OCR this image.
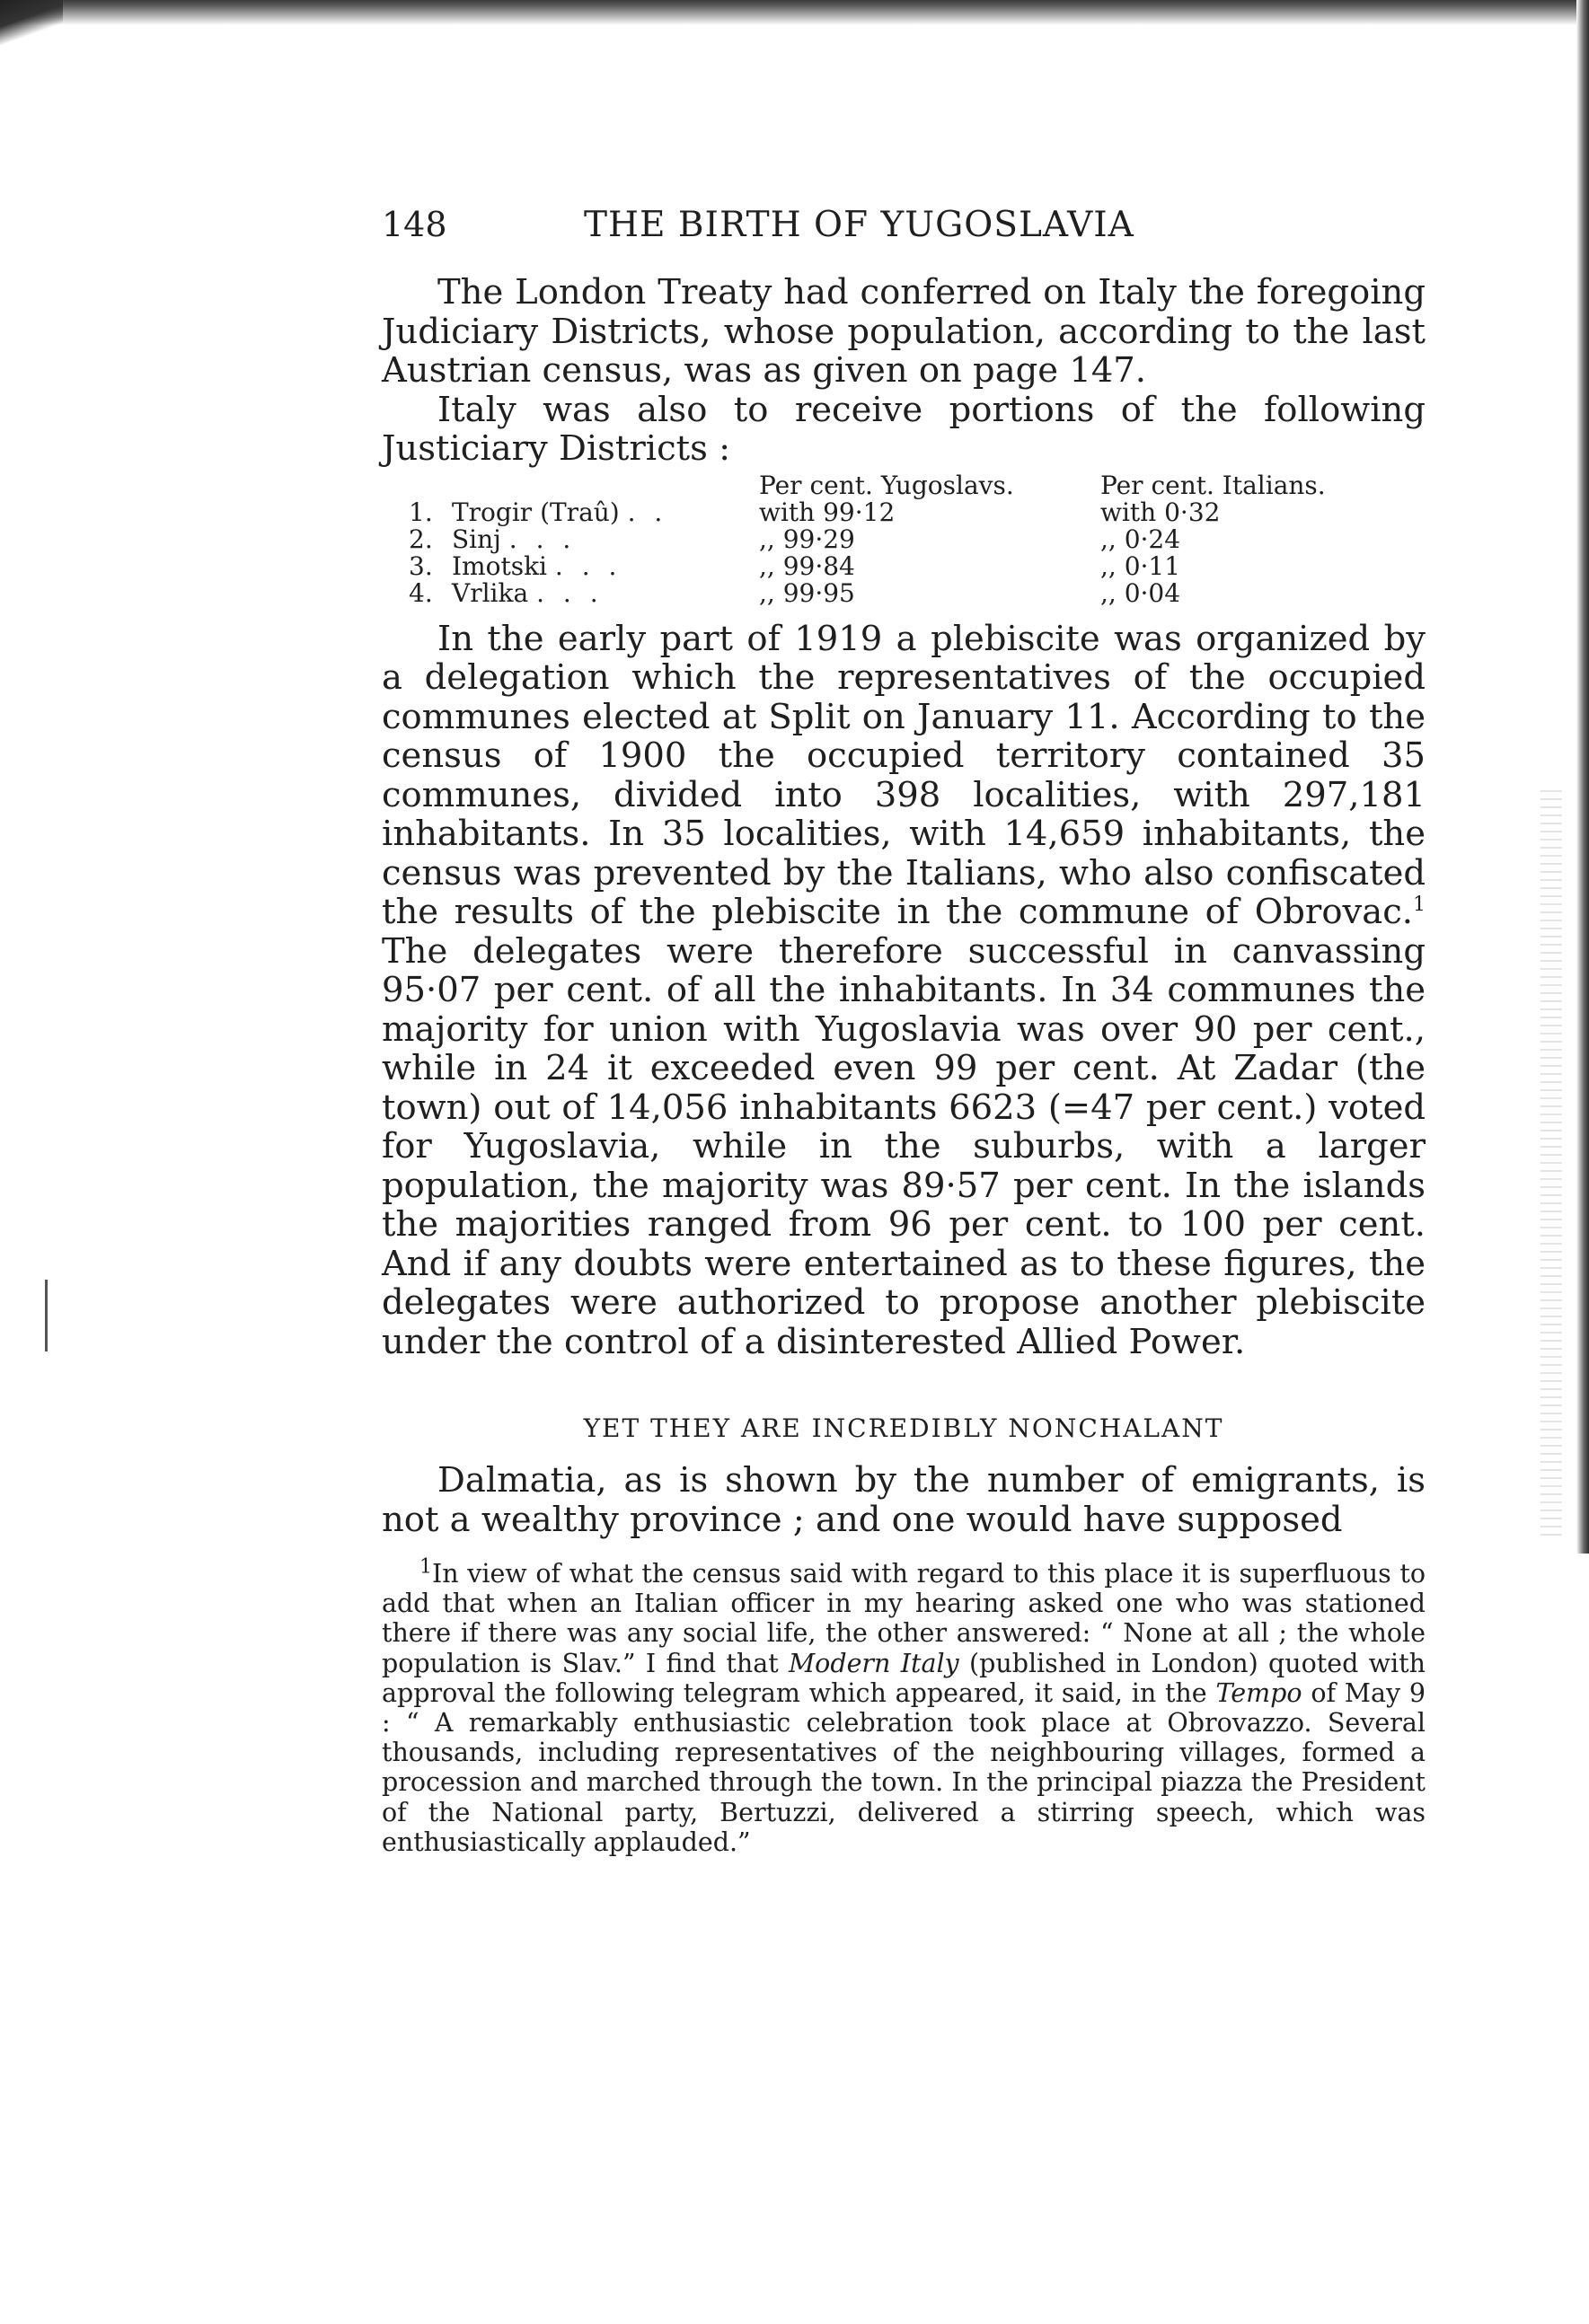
148	THE BIRTH OF YUGOSLAVIA

The London Treaty had conferred on Italy the foregoing Judiciary Districts, whose population, according to the last Austrian census, was as given on page 147.

Italy was also to receive portions of the following Justiciary Districts :

	Per cent. Yugoslavs.	Per cent. Italians.
1. Trogir (Traû) . .	with 99·12	with 0·32
2. Sinj . . .	,, 99·29	,, 0·24
3. Imotski . . .	,, 99·84	,, 0·11
4. Vrlika . . .	,, 99·95	,, 0·04

In the early part of 1919 a plebiscite was organized by a delegation which the representatives of the occupied communes elected at Split on January 11. According to the census of 1900 the occupied territory contained 35 communes, divided into 398 localities, with 297,181 inhabitants. In 35 localities, with 14,659 inhabitants, the census was prevented by the Italians, who also confiscated the results of the plebiscite in the commune of Obrovac.$^1$ The delegates were therefore successful in canvassing 95·07 per cent. of all the inhabitants. In 34 communes the majority for union with Yugoslavia was over 90 per cent., while in 24 it exceeded even 99 per cent. At Zadar (the town) out of 14,056 inhabitants 6623 (=47 per cent.) voted for Yugoslavia, while in the suburbs, with a larger population, the majority was 89·57 per cent. In the islands the majorities ranged from 96 per cent. to 100 per cent. And if any doubts were entertained as to these figures, the delegates were authorized to propose another plebiscite under the control of a disinterested Allied Power.

YET THEY ARE INCREDIBLY NONCHALANT

Dalmatia, as is shown by the number of emigrants, is not a wealthy province ; and one would have supposed

$^1$In view of what the census said with regard to this place it is superfluous to add that when an Italian officer in my hearing asked one who was stationed there if there was any social life, the other answered: “ None at all ; the whole population is Slav.” I find that Modern Italy (published in London) quoted with approval the following telegram which appeared, it said, in the Tempo of May 9 : “ A remarkably enthusiastic celebration took place at Obrovazzo. Several thousands, including representatives of the neighbouring villages, formed a procession and marched through the town. In the principal piazza the President of the National party, Bertuzzi, delivered a stirring speech, which was enthusiastically applauded.”
